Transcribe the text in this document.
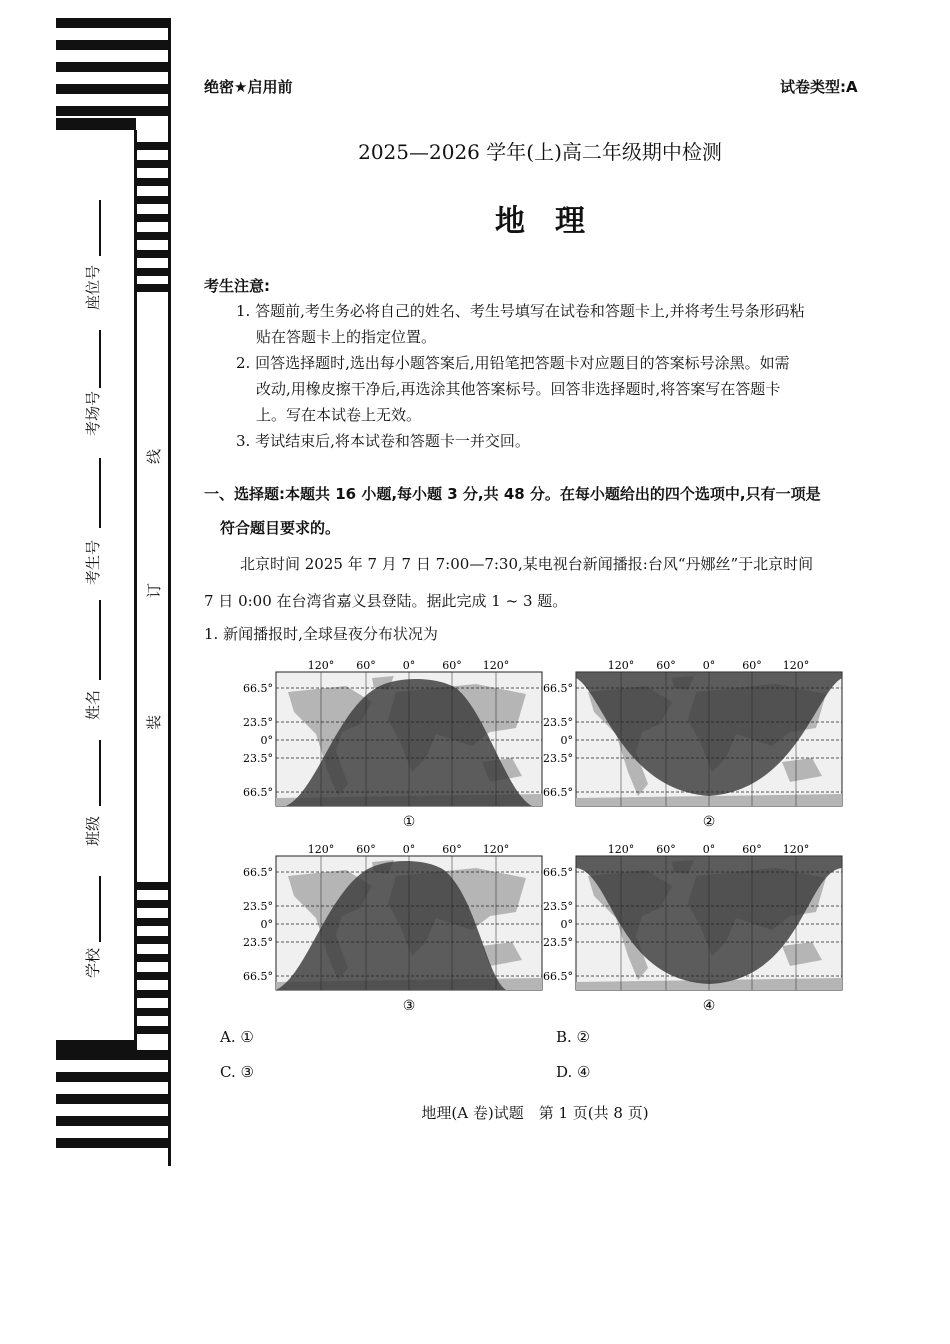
学校
班级
姓名
考生号
考场号
座位号
装
订
线
绝密★启用前	试卷类型:A
2025—2026 学年(上)高二年级期中检测
地　理
考生注意:
1. 答题前,考生务必将自己的姓名、考生号填写在试卷和答题卡上,并将考生号条形码粘
贴在答题卡上的指定位置。
2. 回答选择题时,选出每小题答案后,用铅笔把答题卡对应题目的答案标号涂黑。如需
改动,用橡皮擦干净后,再选涂其他答案标号。回答非选择题时,将答案写在答题卡
上。写在本试卷上无效。
3. 考试结束后,将本试卷和答题卡一并交回。
一、选择题:本题共 16 小题,每小题 3 分,共 48 分。在每小题给出的四个选项中,只有一项是
符合题目要求的。
北京时间 2025 年 7 月 7 日 7:00—7:30,某电视台新闻播报:台风“丹娜丝”于北京时间
7 日 0:00 在台湾省嘉义县登陆。据此完成 1 ~ 3 题。
1. 新闻播报时,全球昼夜分布状况为
120° 60° 0° 60° 120°
66.5°
23.5°
0°
23.5°
66.5°
①
120° 60° 0° 60° 120°
66.5°
23.5°
0°
23.5°
66.5°
②
120° 60° 0° 60° 120°
66.5°
23.5°
0°
23.5°
66.5°
③
120° 60° 0° 60° 120°
66.5°
23.5°
0°
23.5°
66.5°
④
A. ①	B. ②
C. ③	D. ④
地理(A 卷)试题　第 1 页(共 8 页)
